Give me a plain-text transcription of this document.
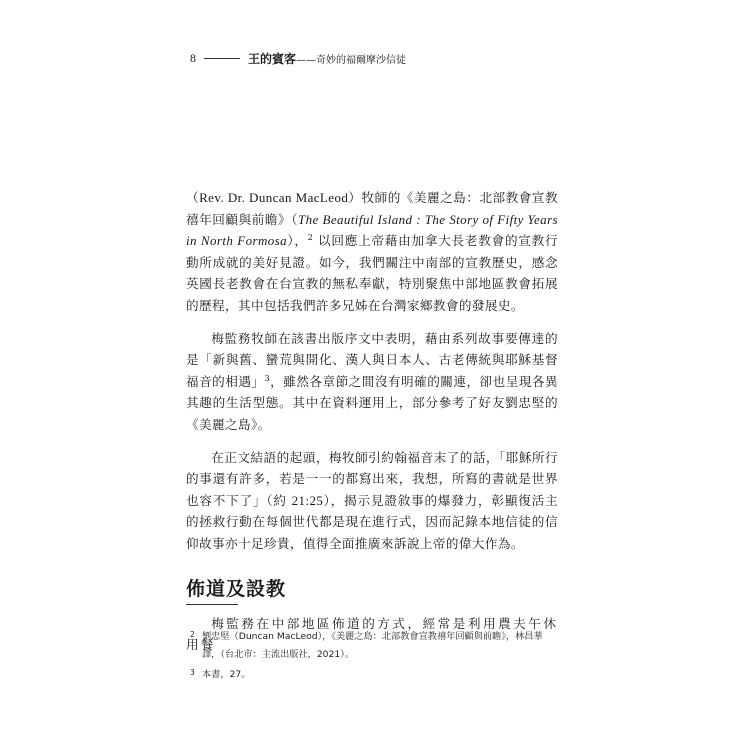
8	王的賓客 ——奇妙的福爾摩沙信徒

（Rev. Dr. Duncan MacLeod）牧師的《美麗之島：北部教會宣教禧年回顧與前瞻》（The Beautiful Island : The Story of Fifty Years in North Formosa），$^2$ 以回應上帝藉由加拿大長老教會的宣教行動所成就的美好見證。如今，我們關注中南部的宣教歷史，感念英國長老教會在台宣教的無私奉獻，特別聚焦中部地區教會拓展的歷程，其中包括我們許多兄姊在台灣家鄉教會的發展史。

梅監務牧師在該書出版序文中表明，藉由系列故事要傳達的是「新與舊、蠻荒與開化、漢人與日本人、古老傳統與耶穌基督福音的相遇」$^3$，雖然各章節之間沒有明確的關連，卻也呈現各異其趣的生活型態。其中在資料運用上，部分參考了好友劉忠堅的《美麗之島》。

在正文結語的起頭，梅牧師引約翰福音末了的話，「耶穌所行的事還有許多，若是一一的都寫出來，我想，所寫的書就是世界也容不下了」（約 21:25），揭示見證敘事的爆發力，彰顯復活主的拯救行動在每個世代都是現在進行式，因而記錄本地信徒的信仰故事亦十足珍貴，值得全面推廣來訴說上帝的偉大作為。

佈道及設教

梅監務在中部地區佈道的方式，經常是利用農夫午休用餐

2 劉忠堅（Duncan MacLeod），《美麗之島：北部教會宣教禧年回顧與前瞻》，林昌華譯，（台北市：主流出版社，2021）。
3 本書，27。
